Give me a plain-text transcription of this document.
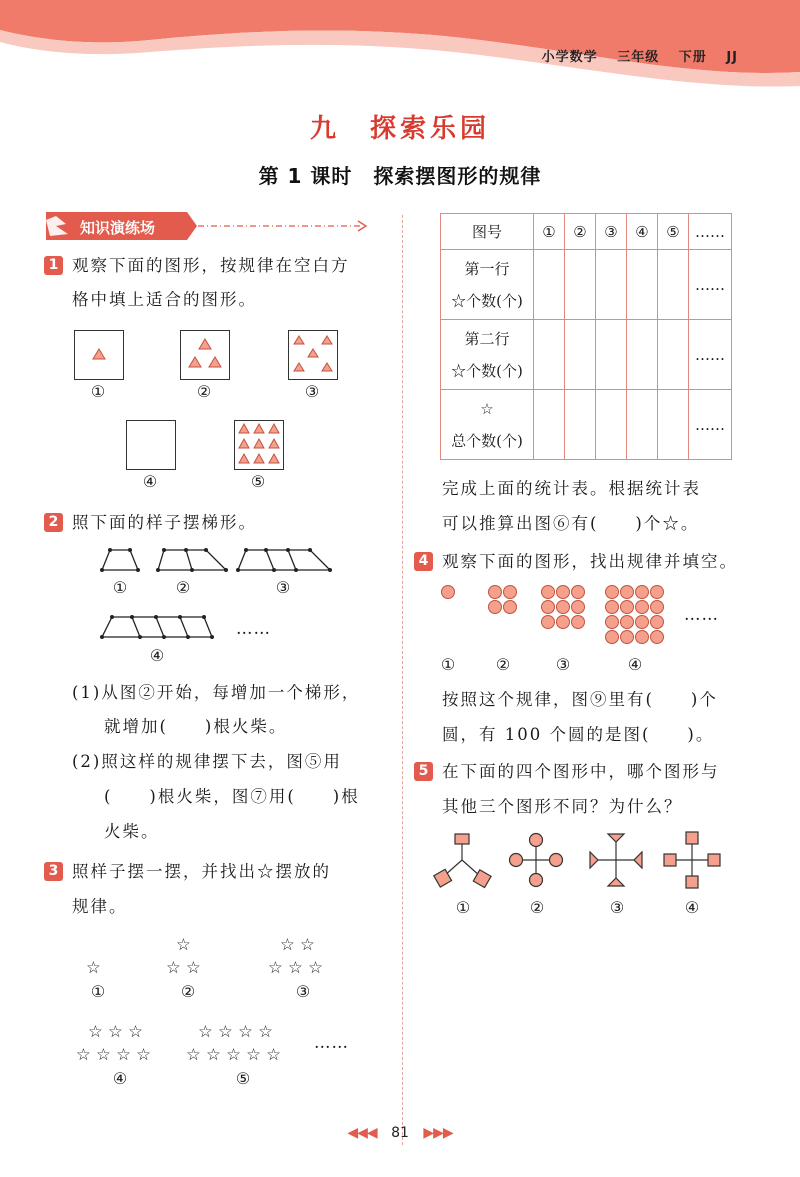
小学数学 三年级 下册 JJ
九　探索乐园
第 1 课时　探索摆图形的规律
知识演练场
1 观察下面的图形，按规律在空白方
格中填上适合的图形。
①	②	③
④	⑤
2 照下面的样子摆梯形。
①	②	③
……
④
(1)从图②开始，每增加一个梯形，
就增加(　　)根火柴。
(2)照这样的规律摆下去，图⑤用
(　　)根火柴，图⑦用(　　)根
火柴。
3 照样子摆一摆，并找出☆摆放的
规律。
☆
☆
☆ ☆
☆ ☆
☆ ☆ ☆
①	②	③
☆ ☆ ☆
☆ ☆ ☆ ☆
☆ ☆ ☆ ☆
☆ ☆ ☆ ☆ ☆
……
④	⑤
图号	①	②	③	④	⑤	……
第一行
☆个数(个)						……
第二行
☆个数(个)						……
☆
总个数(个)						……
完成上面的统计表。根据统计表
可以推算出图⑥有(　　)个☆。
4 观察下面的图形，找出规律并填空。
……
①	②	③	④
按照这个规律，图⑨里有(　　)个
圆，有 100 个圆的是图(　　)。
5 在下面的四个图形中，哪个图形与
其他三个图形不同？为什么？
①	②	③	④
◀◀◀ 81 ▶▶▶
